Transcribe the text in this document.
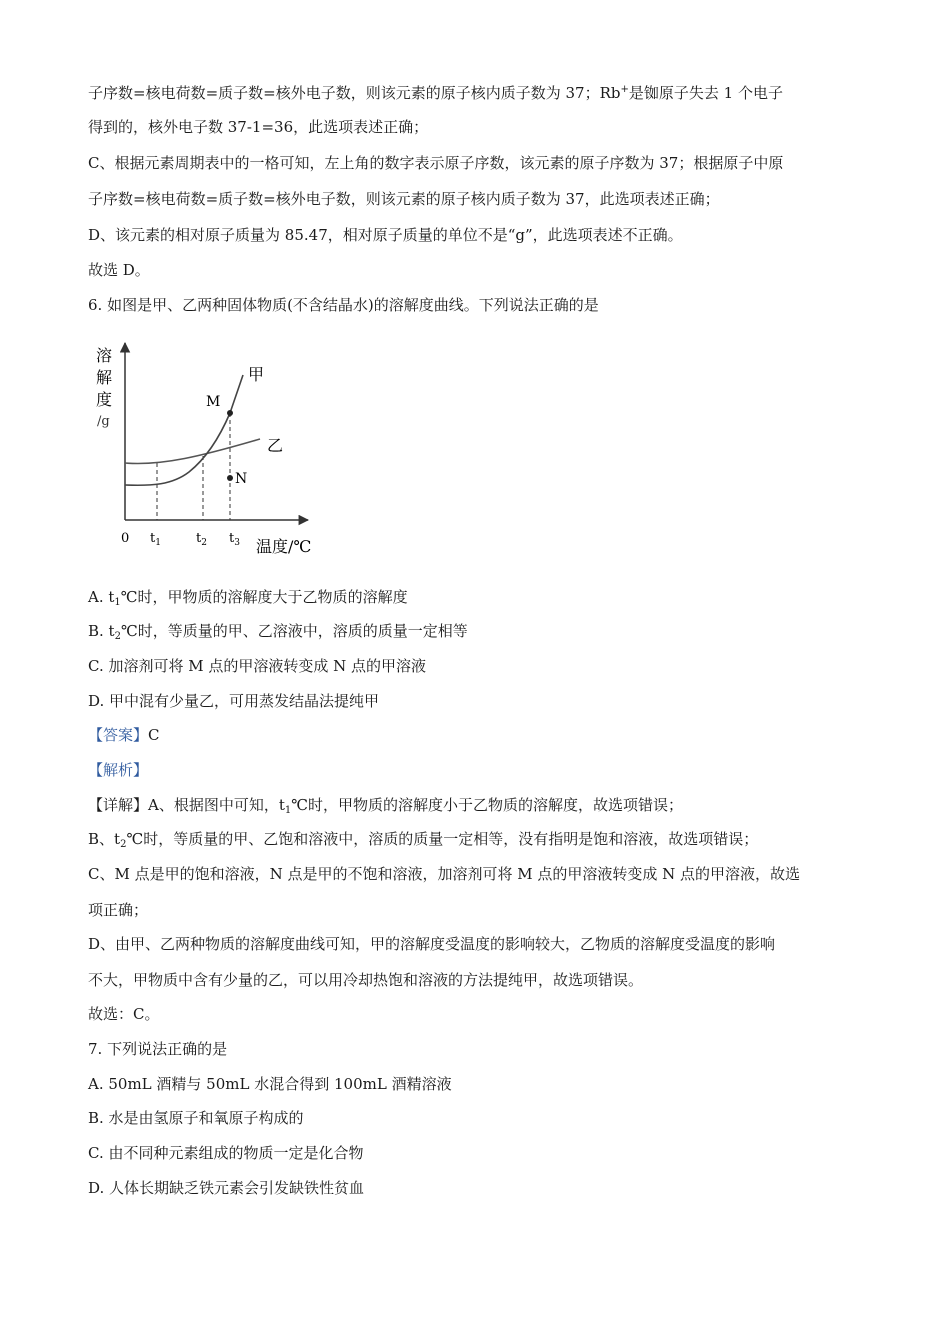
子序数=核电荷数=质子数=核外电子数，则该元素的原子核内质子数为 37；Rb+是铷原子失去 1 个电子
得到的，核外电子数 37-1=36，此选项表述正确；
C、根据元素周期表中的一格可知，左上角的数字表示原子序数，该元素的原子序数为 37；根据原子中原
子序数=核电荷数=质子数=核外电子数，则该元素的原子核内质子数为 37，此选项表述正确；
D、该元素的相对原子质量为 85.47，相对原子质量的单位不是“g”，此选项表述不正确。
故选 D。
6. 如图是甲、乙两种固体物质(不含结晶水)的溶解度曲线。下列说法正确的是
A. $t_1℃$时，甲物质的溶解度大于乙物质的溶解度
B. $t_2℃$时，等质量的甲、乙溶液中，溶质的质量一定相等
C. 加溶剂可将 M 点的甲溶液转变成 N 点的甲溶液
D. 甲中混有少量乙，可用蒸发结晶法提纯甲
【答案】C
【解析】
【详解】A、根据图中可知，$t_1℃$时，甲物质的溶解度小于乙物质的溶解度，故选项错误；
B、$t_2℃$时，等质量的甲、乙饱和溶液中，溶质的质量一定相等，没有指明是饱和溶液，故选项错误；
C、M 点是甲的饱和溶液，N 点是甲的不饱和溶液，加溶剂可将 M 点的甲溶液转变成 N 点的甲溶液，故选
项正确；
D、由甲、乙两种物质的溶解度曲线可知，甲的溶解度受温度的影响较大，乙物质的溶解度受温度的影响
不大，甲物质中含有少量的乙，可以用冷却热饱和溶液的方法提纯甲，故选项错误。
故选：C。
7. 下列说法正确的是
A. 50mL 酒精与 50mL 水混合得到 100mL 酒精溶液
B. 水是由氢原子和氧原子构成的
C. 由不同种元素组成的物质一定是化合物
D. 人体长期缺乏铁元素会引发缺铁性贫血
溶
解
度
/g
0 $t_1$	$t_2$ $t_3$ 温度/℃
M
N
甲
乙
